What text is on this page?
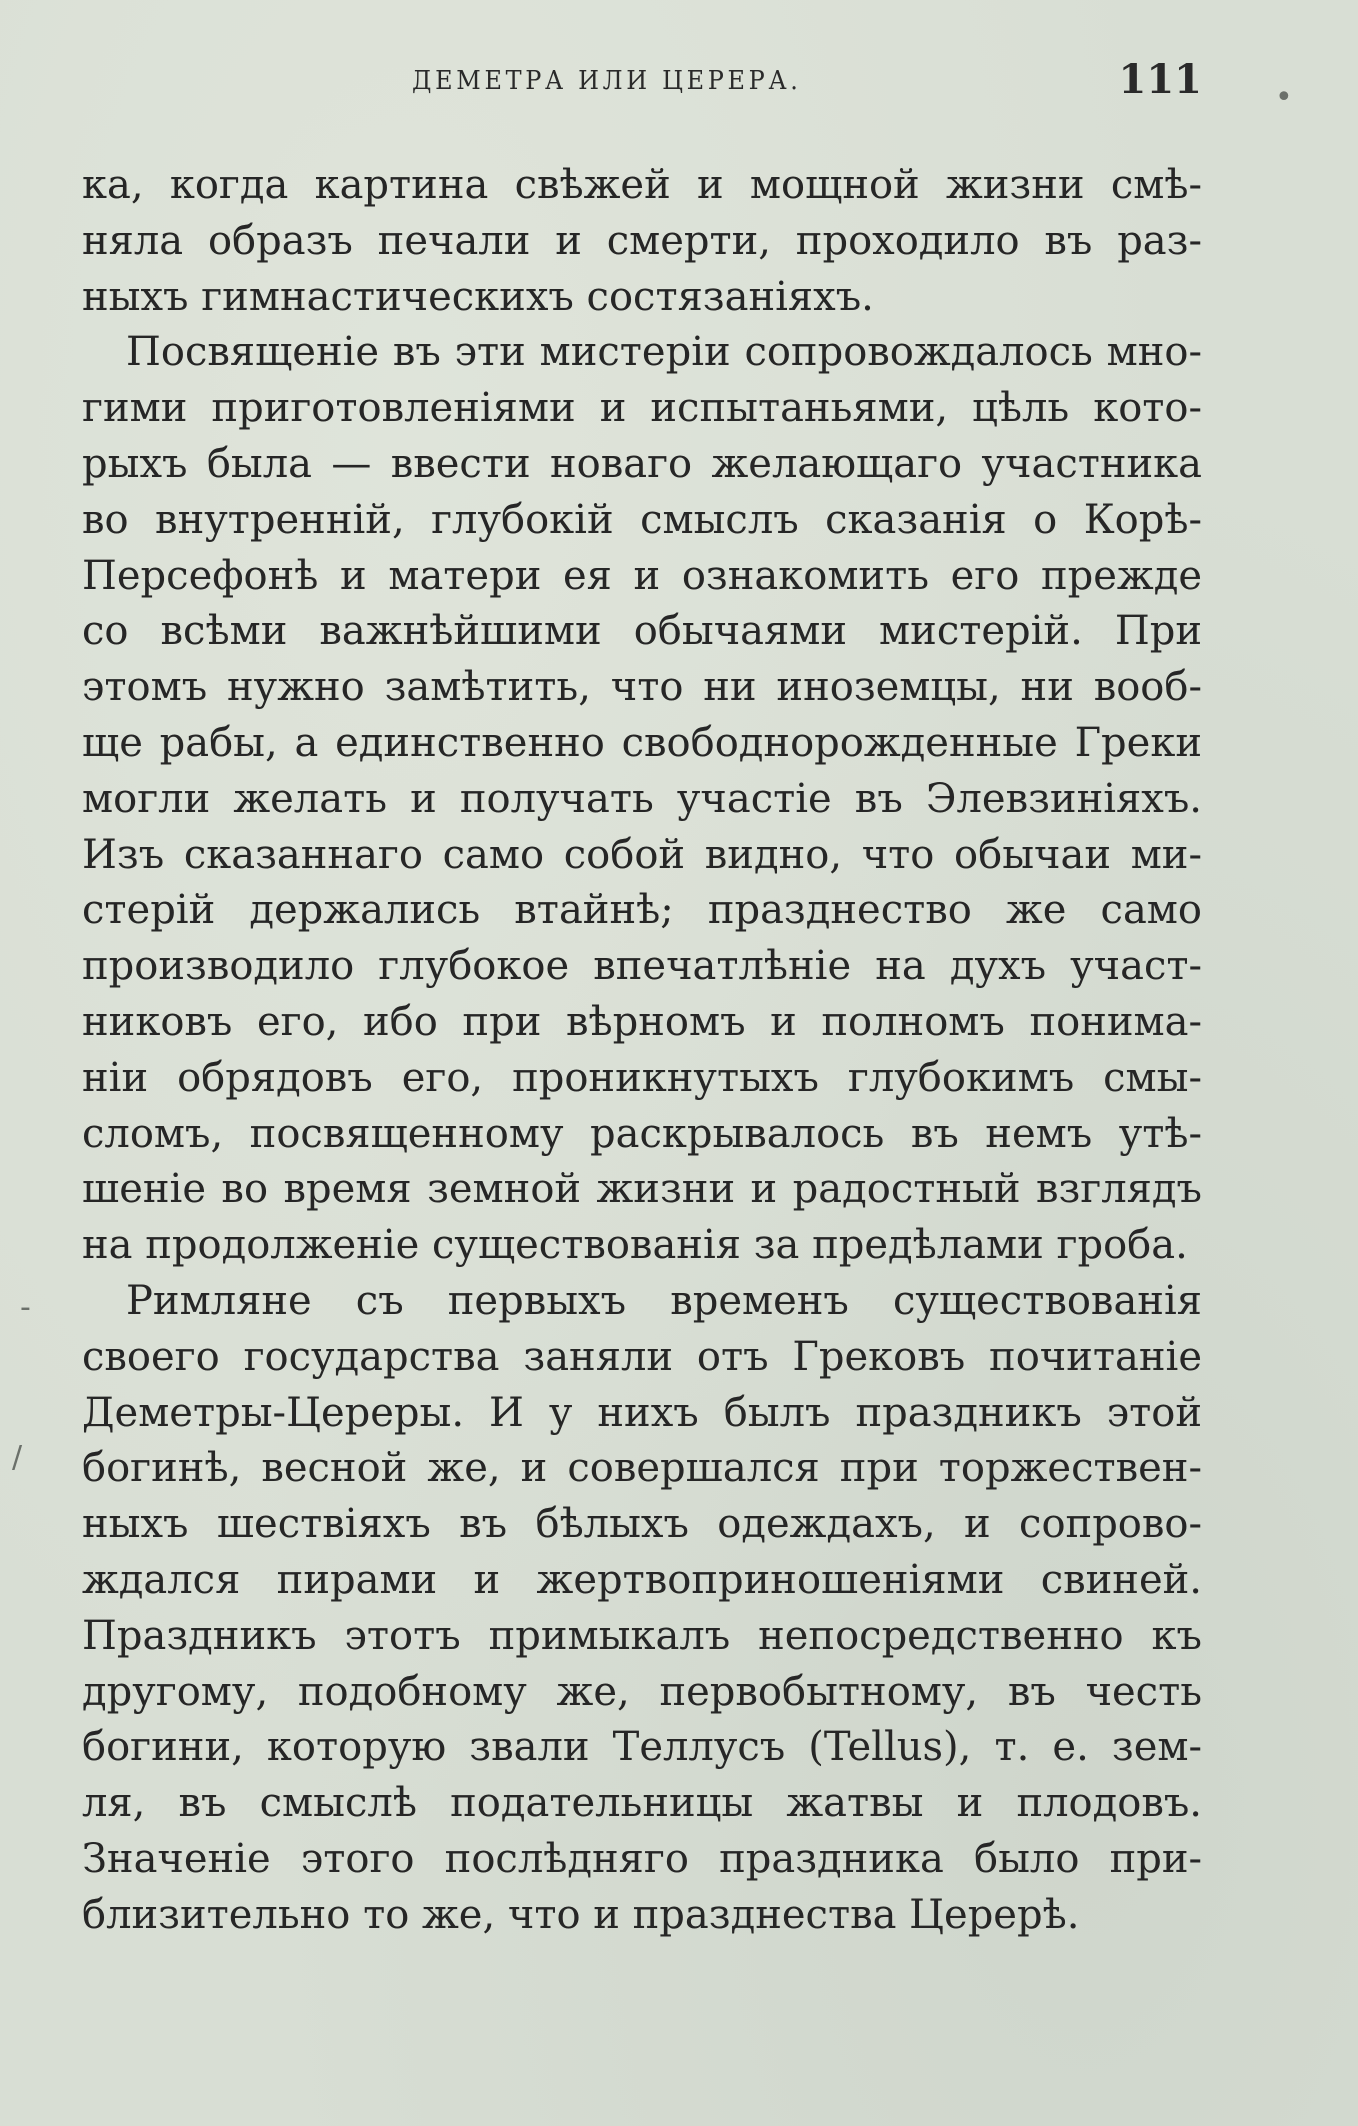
ДЕМЕТРА ИЛИ ЦЕРЕРА.	111
ка, когда картина свѣжей и мощной жизни смѣ-
няла образъ печали и смерти, проходило въ раз-
ныхъ гимнастическихъ состязаніяхъ.
Посвященіе въ эти мистеріи сопровождалось мно-
гими приготовленіями и испытаньями, цѣль кото-
рыхъ была — ввести новаго желающаго участника
во внутренній, глубокій смыслъ сказанія о Корѣ-
Персефонѣ и матери ея и ознакомить его прежде
со всѣми важнѣйшими обычаями мистерій. При
этомъ нужно замѣтить, что ни иноземцы, ни вооб-
ще рабы, а единственно свободнорожденные Греки
могли желать и получать участіе въ Элевзиніяхъ.
Изъ сказаннаго само собой видно, что обычаи ми-
стерій держались втайнѣ; празднество же само
производило глубокое впечатлѣніе на духъ участ-
никовъ его, ибо при вѣрномъ и полномъ понима-
ніи обрядовъ его, проникнутыхъ глубокимъ смы-
сломъ, посвященному раскрывалось въ немъ утѣ-
шеніе во время земной жизни и радостный взглядъ
на продолженіе существованія за предѣлами гроба.
Римляне съ первыхъ временъ существованія
своего государства заняли отъ Грековъ почитаніе
Деметры-Цереры. И у нихъ былъ праздникъ этой
богинѣ, весной же, и совершался при торжествен-
ныхъ шествіяхъ въ бѣлыхъ одеждахъ, и сопрово-
ждался пирами и жертвоприношеніями свиней.
Праздникъ этотъ примыкалъ непосредственно къ
другому, подобному же, первобытному, въ честь
богини, которую звали Теллусъ (Tellus), т. е. зем-
ля, въ смыслѣ подательницы жатвы и плодовъ.
Значеніе этого послѣдняго праздника было при-
близительно то же, что и празднества Церерѣ.
-
/
•
